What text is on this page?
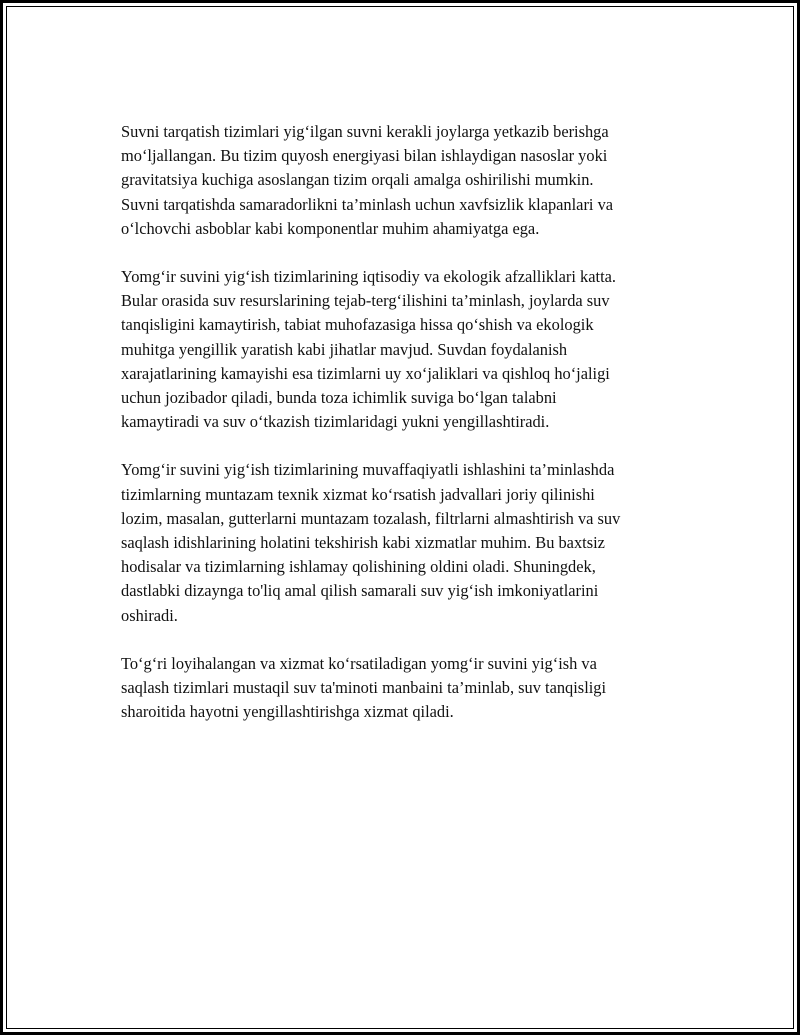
Suvni tarqatish tizimlari yig‘ilgan suvni kerakli joylarga yetkazib berishga
mo‘ljallangan. Bu tizim quyosh energiyasi bilan ishlaydigan nasoslar yoki
gravitatsiya kuchiga asoslangan tizim orqali amalga oshirilishi mumkin.
Suvni tarqatishda samaradorlikni ta’minlash uchun xavfsizlik klapanlari va
o‘lchovchi asboblar kabi komponentlar muhim ahamiyatga ega.

Yomg‘ir suvini yig‘ish tizimlarining iqtisodiy va ekologik afzalliklari katta.
Bular orasida suv resurslarining tejab-terg‘ilishini ta’minlash, joylarda suv
tanqisligini kamaytirish, tabiat muhofazasiga hissa qo‘shish va ekologik
muhitga yengillik yaratish kabi jihatlar mavjud. Suvdan foydalanish
xarajatlarining kamayishi esa tizimlarni uy xo‘jaliklari va qishloq ho‘jaligi
uchun jozibador qiladi, bunda toza ichimlik suviga bo‘lgan talabni
kamaytiradi va suv o‘tkazish tizimlaridagi yukni yengillashtiradi.

Yomg‘ir suvini yig‘ish tizimlarining muvaffaqiyatli ishlashini ta’minlashda
tizimlarning muntazam texnik xizmat ko‘rsatish jadvallari joriy qilinishi
lozim, masalan, gutterlarni muntazam tozalash, filtrlarni almashtirish va suv
saqlash idishlarining holatini tekshirish kabi xizmatlar muhim. Bu baxtsiz
hodisalar va tizimlarning ishlamay qolishining oldini oladi. Shuningdek,
dastlabki dizaynga to'liq amal qilish samarali suv yig‘ish imkoniyatlarini
oshiradi.

To‘g‘ri loyihalangan va xizmat ko‘rsatiladigan yomg‘ir suvini yig‘ish va
saqlash tizimlari mustaqil suv ta'minoti manbaini ta’minlab, suv tanqisligi
sharoitida hayotni yengillashtirishga xizmat qiladi.
